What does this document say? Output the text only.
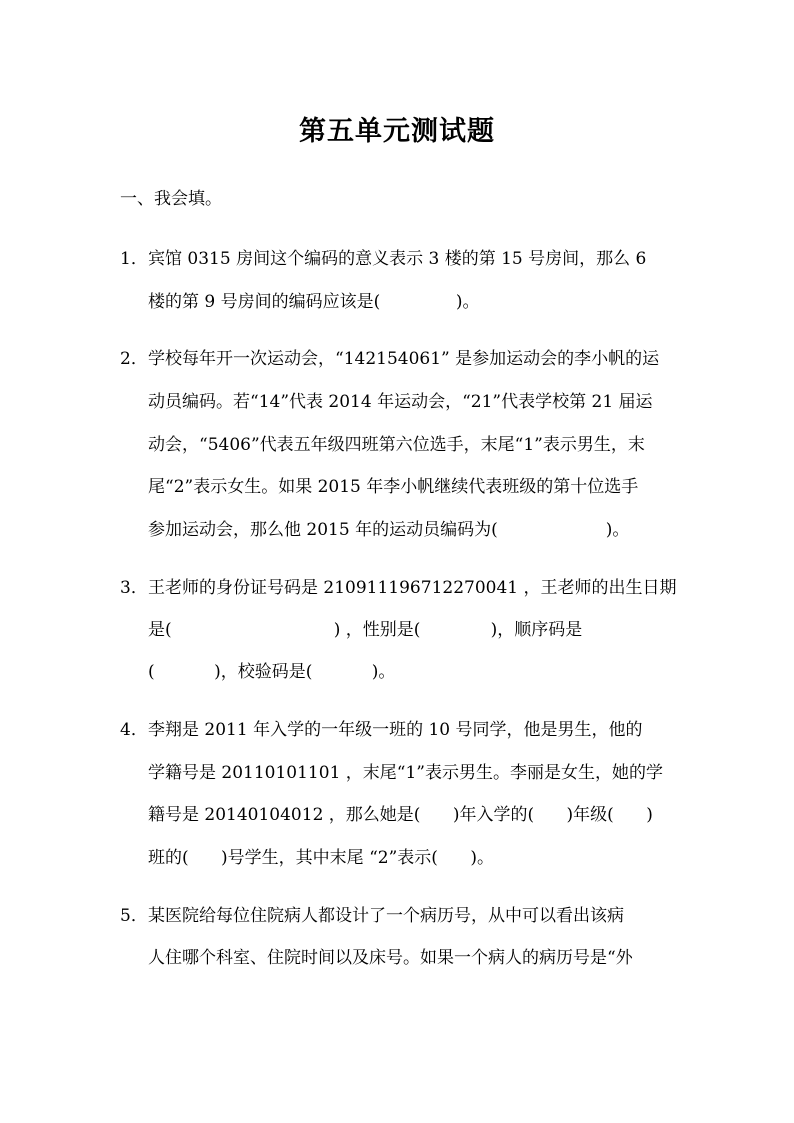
第五单元测试题
一、我会填。
1． 宾馆 0315 房间这个编码的意义表示 3 楼的第 15 号房间，那么 6
楼的第 9 号房间的编码应该是(              )。
2． 学校每年开一次运动会，“142154061” 是参加运动会的李小帆的运
动员编码。若“14”代表 2014 年运动会，“21”代表学校第 21 届运
动会，“5406”代表五年级四班第六位选手，末尾“1”表示男生，末
尾“2”表示女生。如果 2015 年李小帆继续代表班级的第十位选手
参加运动会，那么他 2015 年的运动员编码为(                    )。
3． 王老师的身份证号码是 210911196712270041 ，王老师的出生日期
是(                              ) ，性别是(             )，顺序码是
(           )，校验码是(           )。
4． 李翔是 2011 年入学的一年级一班的 10 号同学，他是男生，他的
学籍号是 20110101101 ，末尾“1”表示男生。李丽是女生，她的学
籍号是 20140104012 ，那么她是(      )年入学的(      )年级(      )
班的(      )号学生，其中末尾 “2”表示(      )。
5． 某医院给每位住院病人都设计了一个病历号，从中可以看出该病
人住哪个科室、住院时间以及床号。如果一个病人的病历号是“外
